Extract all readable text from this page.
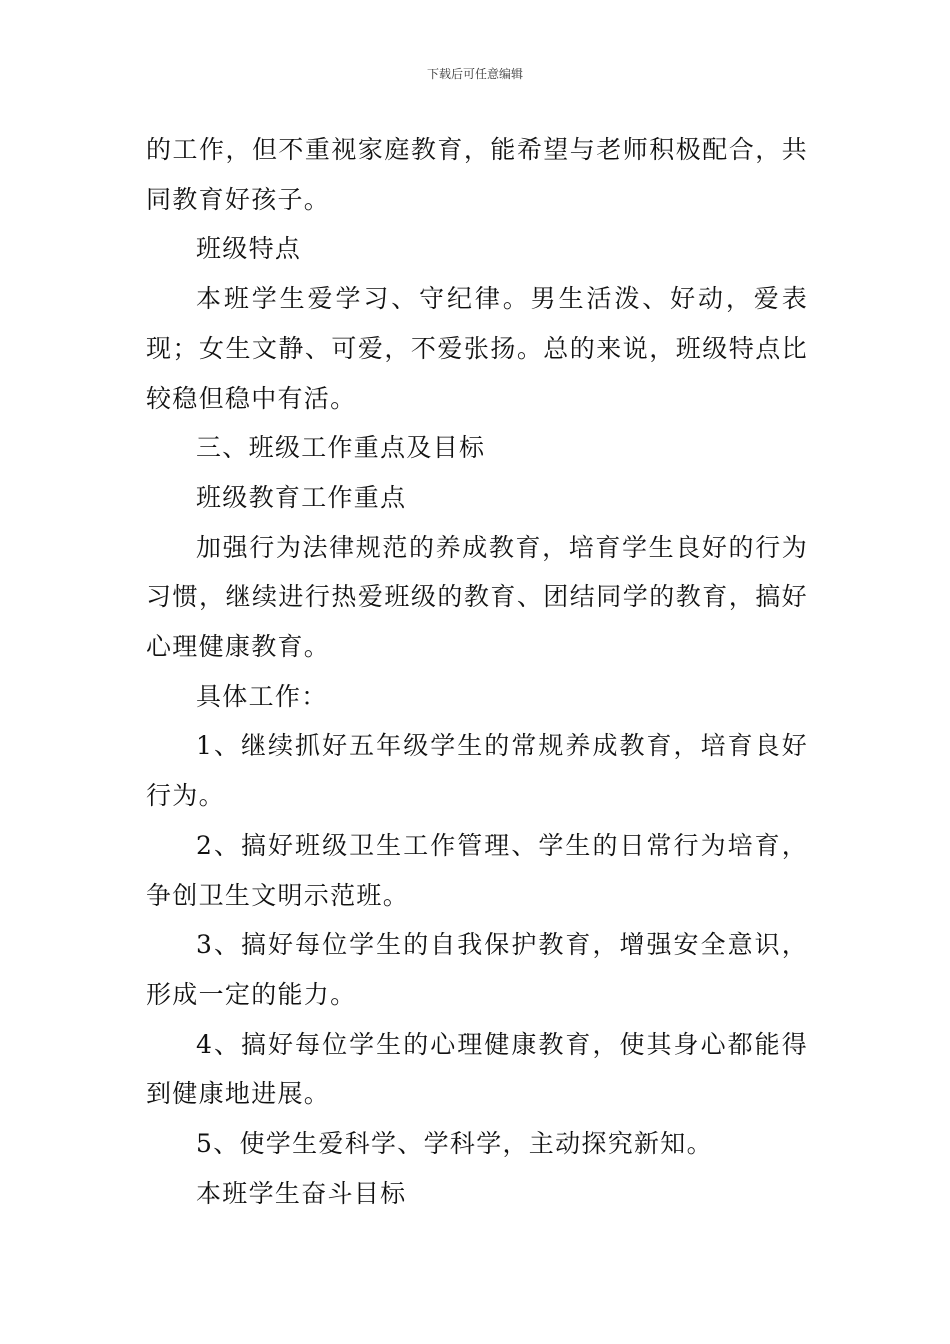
下载后可任意编辑

的工作，但不重视家庭教育，能希望与老师积极配合，共同教育好孩子。

班级特点

本班学生爱学习、守纪律。男生活泼、好动，爱表现；女生文静、可爱，不爱张扬。总的来说，班级特点比较稳但稳中有活。

三、班级工作重点及目标

班级教育工作重点

加强行为法律规范的养成教育，培育学生良好的行为习惯，继续进行热爱班级的教育、团结同学的教育，搞好心理健康教育。

具体工作：

1、继续抓好五年级学生的常规养成教育，培育良好行为。

2、搞好班级卫生工作管理、学生的日常行为培育，争创卫生文明示范班。

3、搞好每位学生的自我保护教育，增强安全意识，形成一定的能力。

4、搞好每位学生的心理健康教育，使其身心都能得到健康地进展。

5、使学生爱科学、学科学，主动探究新知。

本班学生奋斗目标
